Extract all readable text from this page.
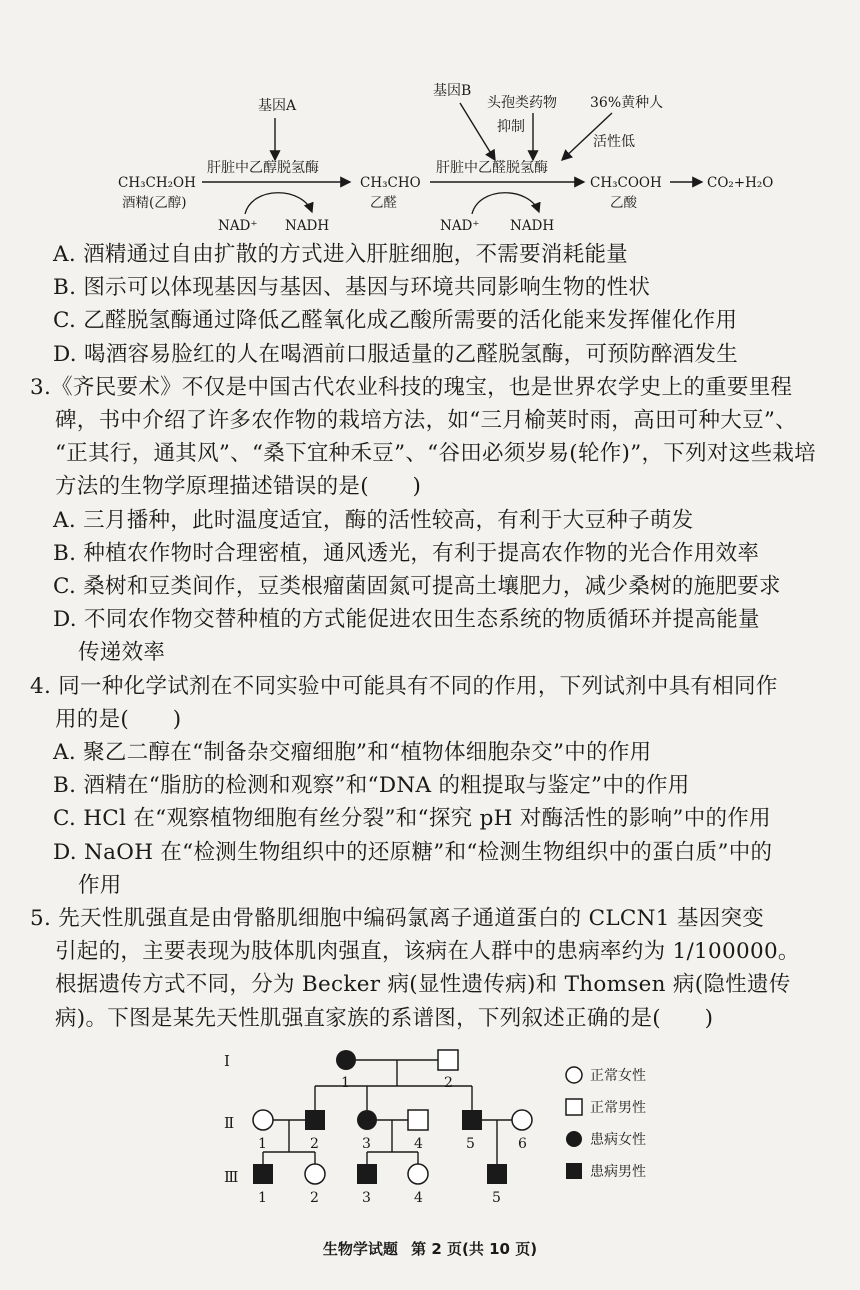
基因A
基因B
头孢类药物
抑制
36%黄种人
活性低
肝脏中乙醇脱氢酶	肝脏中乙醛脱氢酶
CH₃CH₂OH
酒精(乙醇)
CH₃CHO
乙醛
CH₃COOH
乙酸
CO₂+H₂O
NAD⁺ NADH	NAD⁺ NADH
A. 酒精通过自由扩散的方式进入肝脏细胞，不需要消耗能量
B. 图示可以体现基因与基因、基因与环境共同影响生物的性状
C. 乙醛脱氢酶通过降低乙醛氧化成乙酸所需要的活化能来发挥催化作用
D. 喝酒容易脸红的人在喝酒前口服适量的乙醛脱氢酶，可预防醉酒发生
3.《齐民要术》不仅是中国古代农业科技的瑰宝，也是世界农学史上的重要里程
碑，书中介绍了许多农作物的栽培方法，如“三月榆荚时雨，高田可种大豆”、
“正其行，通其风”、“桑下宜种禾豆”、“谷田必须岁易(轮作)”，下列对这些栽培
方法的生物学原理描述错误的是(　　)
A. 三月播种，此时温度适宜，酶的活性较高，有利于大豆种子萌发
B. 种植农作物时合理密植，通风透光，有利于提高农作物的光合作用效率
C. 桑树和豆类间作，豆类根瘤菌固氮可提高土壤肥力，减少桑树的施肥要求
D. 不同农作物交替种植的方式能促进农田生态系统的物质循环并提高能量
传递效率
4. 同一种化学试剂在不同实验中可能具有不同的作用，下列试剂中具有相同作
用的是(　　)
A. 聚乙二醇在“制备杂交瘤细胞”和“植物体细胞杂交”中的作用
B. 酒精在“脂肪的检测和观察”和“DNA 的粗提取与鉴定”中的作用
C. HCl 在“观察植物细胞有丝分裂”和“探究 pH 对酶活性的影响”中的作用
D. NaOH 在“检测生物组织中的还原糖”和“检测生物组织中的蛋白质”中的
作用
5. 先天性肌强直是由骨骼肌细胞中编码氯离子通道蛋白的 CLCN1 基因突变
引起的，主要表现为肢体肌肉强直，该病在人群中的患病率约为 1/100000。
根据遗传方式不同，分为 Becker 病(显性遗传病)和 Thomsen 病(隐性遗传
病)。下图是某先天性肌强直家族的系谱图，下列叙述正确的是(　　)
Ⅰ
Ⅱ
Ⅲ
1	2
1	2	3	4	5	6
1	2	3	4	5
正常女性
正常男性
患病女性
患病男性
生物学试题 第 2 页(共 10 页)
